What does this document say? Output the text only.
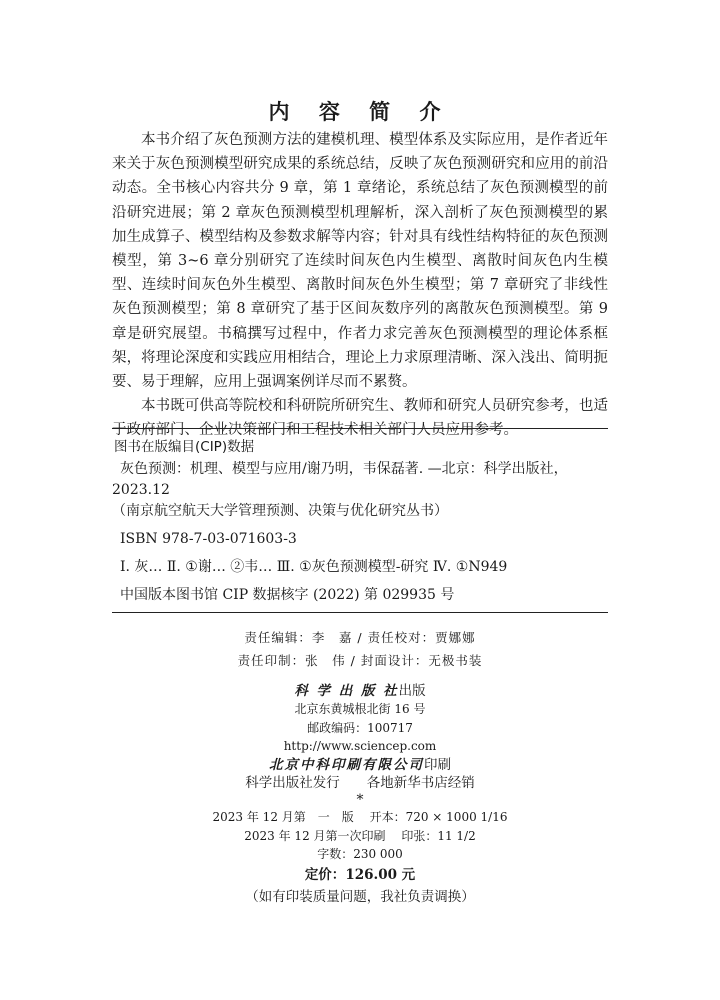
内 容 简 介

本书介绍了灰色预测方法的建模机理、模型体系及实际应用，是作者近年来关于灰色预测模型研究成果的系统总结，反映了灰色预测研究和应用的前沿动态。全书核心内容共分 9 章，第 1 章绪论，系统总结了灰色预测模型的前沿研究进展；第 2 章灰色预测模型机理解析，深入剖析了灰色预测模型的累加生成算子、模型结构及参数求解等内容；针对具有线性结构特征的灰色预测模型，第 3~6 章分别研究了连续时间灰色内生模型、离散时间灰色内生模型、连续时间灰色外生模型、离散时间灰色外生模型；第 7 章研究了非线性灰色预测模型；第 8 章研究了基于区间灰数序列的离散灰色预测模型。第 9 章是研究展望。书稿撰写过程中，作者力求完善灰色预测模型的理论体系框架，将理论深度和实践应用相结合，理论上力求原理清晰、深入浅出、简明扼要、易于理解，应用上强调案例详尽而不累赘。

本书既可供高等院校和科研院所研究生、教师和研究人员研究参考，也适于政府部门、企业决策部门和工程技术相关部门人员应用参考。

图书在版编目(CIP)数据

灰色预测：机理、模型与应用/谢乃明，韦保磊著. —北京：科学出版社，

2023.12

（南京航空航天大学管理预测、决策与优化研究丛书）

ISBN 978-7-03-071603-3

Ⅰ. 灰… Ⅱ. ①谢… ②韦… Ⅲ. ①灰色预测模型-研究 Ⅳ. ①N949

中国版本图书馆 CIP 数据核字 (2022) 第 029935 号

责任编辑：李　嘉 / 责任校对：贾娜娜
责任印制：张　伟 / 封面设计：无极书装
科 学 出 版 社出版
北京东黄城根北街 16 号
邮政编码：100717
http://www.sciencep.com
北京中科印刷有限公司印刷
科学出版社发行　　各地新华书店经销
*
2023 年 12 月第　一　版　 开本：720 × 1000 1/16
2023 年 12 月第一次印刷　 印张：11 1/2
字数：230 000
定价：126.00 元
（如有印装质量问题，我社负责调换）
